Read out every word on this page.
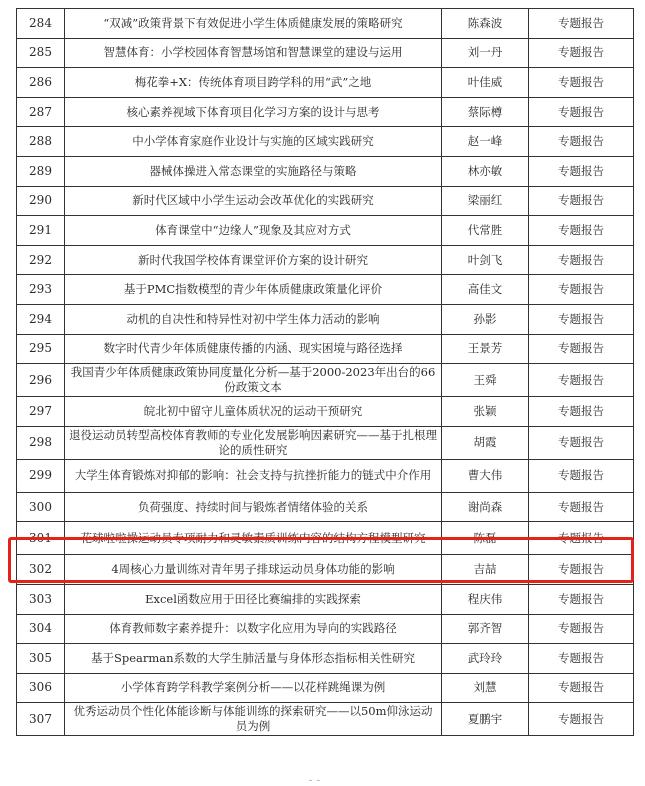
284	“双减”政策背景下有效促进小学生体质健康发展的策略研究	陈森波	专题报告
285	智慧体育：小学校园体育智慧场馆和智慧课堂的建设与运用	刘一丹	专题报告
286	梅花拳+X：传统体育项目跨学科的用“武”之地	叶佳威	专题报告
287	核心素养视域下体育项目化学习方案的设计与思考	蔡际樽	专题报告
288	中小学体育家庭作业设计与实施的区域实践研究	赵一峰	专题报告
289	器械体操进入常态课堂的实施路径与策略	林亦敏	专题报告
290	新时代区域中小学生运动会改革优化的实践研究	梁丽红	专题报告
291	体育课堂中“边缘人”现象及其应对方式	代常胜	专题报告
292	新时代我国学校体育课堂评价方案的设计研究	叶剑飞	专题报告
293	基于PMC指数模型的青少年体质健康政策量化评价	高佳文	专题报告
294	动机的自决性和特异性对初中学生体力活动的影响	孙影	专题报告
295	数字时代青少年体质健康传播的内涵、现实困境与路径选择	王景芳	专题报告
296	我国青少年体质健康政策协同度量化分析—基于2000-2023年出台的66份政策文本	王舜	专题报告
297	皖北初中留守儿童体质状况的运动干预研究	张颖	专题报告
298	退役运动员转型高校体育教师的专业化发展影响因素研究——基于扎根理论的质性研究	胡霞	专题报告
299	大学生体育锻炼对抑郁的影响：社会支持与抗挫折能力的链式中介作用	曹大伟	专题报告
300	负荷强度、持续时间与锻炼者情绪体验的关系	谢尚森	专题报告
301	花球啦啦操运动员专项耐力和灵敏素质训练内容的结构方程模型研究	陈磊	专题报告
302	4周核心力量训练对青年男子排球运动员身体功能的影响	吉喆	专题报告
303	Excel函数应用于田径比赛编排的实践探索	程庆伟	专题报告
304	体育教师数字素养提升：以数字化应用为导向的实践路径	郭齐智	专题报告
305	基于Spearman系数的大学生肺活量与身体形态指标相关性研究	武玲玲	专题报告
306	小学体育跨学科教学案例分析——以花样跳绳课为例	刘慧	专题报告
307	优秀运动员个性化体能诊断与体能训练的探索研究——以50m仰泳运动员为例	夏鹏宇	专题报告
- -
